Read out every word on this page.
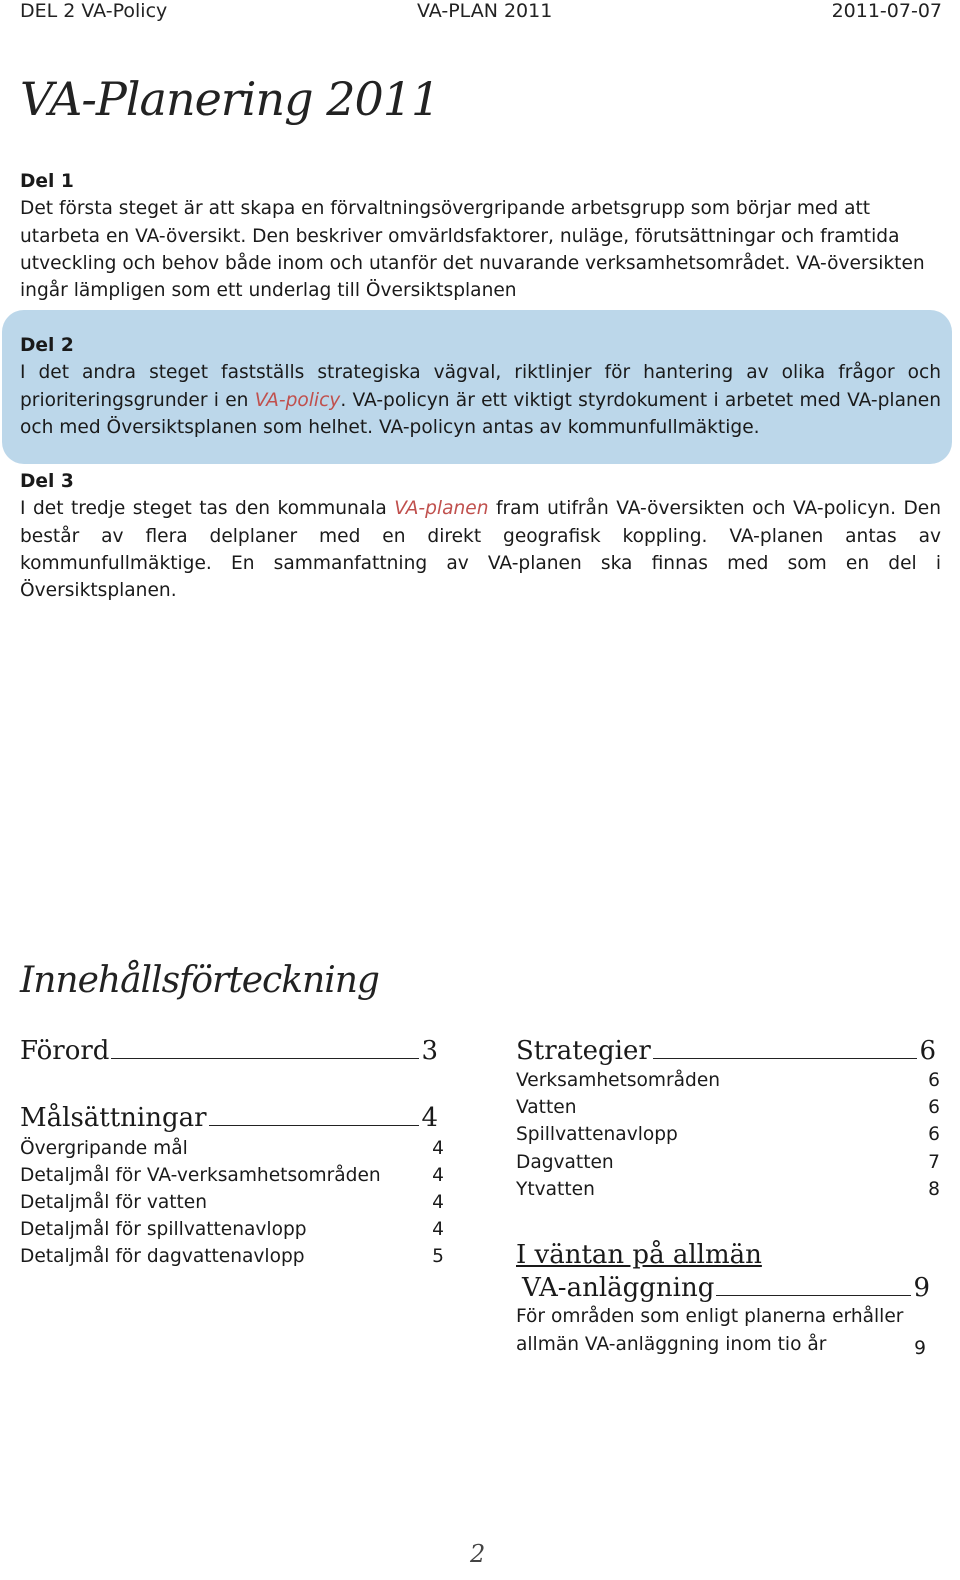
DEL 2 VA-Policy	VA-PLAN 2011	2011-07-07
VA-Planering 2011
Del 1

Det första steget är att skapa en förvaltningsövergripande arbetsgrupp som börjar med att utarbeta en VA-översikt. Den beskriver omvärldsfaktorer, nuläge, förutsättningar och framtida utveckling och behov både inom och utanför det nuvarande verksamhetsområdet. VA-översikten ingår lämpligen som ett underlag till Översiktsplanen

Del 2

I det andra steget fastställs strategiska vägval, riktlinjer för hantering av olika frågor och prioriteringsgrunder i en VA-policy. VA-policyn är ett viktigt styrdokument i arbetet med VA-planen och med Översiktsplanen som helhet. VA-policyn antas av kommunfullmäktige.

Del 3

I det tredje steget tas den kommunala VA-planen fram utifrån VA-översikten och VA-policyn. Den består av flera delplaner med en direkt geografisk koppling. VA-planen antas av kommunfullmäktige. En sammanfattning av VA-planen ska finnas med som en del i Översiktsplanen.

Innehållsförteckning
Förord	3
Målsättningar	4
Övergripande mål	4
Detaljmål för VA-verksamhetsområden	4
Detaljmål för vatten	4
Detaljmål för spillvattenavlopp	4
Detaljmål för dagvattenavlopp	5
Strategier	6
Verksamhetsområden	6
Vatten	6
Spillvattenavlopp	6
Dagvatten	7
Ytvatten	8
I väntan på allmän
VA-anläggning	9
För områden som enligt planerna erhåller
allmän VA-anläggning inom tio år	9
2
